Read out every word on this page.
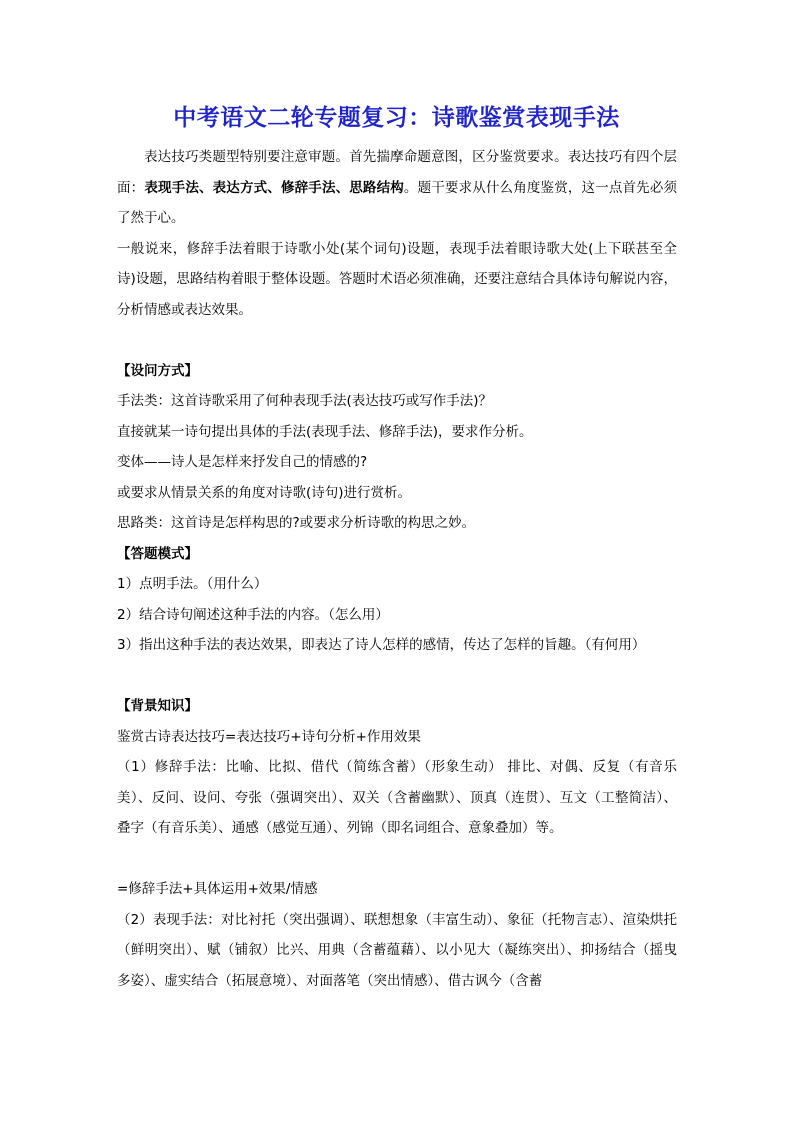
中考语文二轮专题复习：诗歌鉴赏表现手法

表达技巧类题型特别要注意审题。首先揣摩命题意图，区分鉴赏要求。表达技巧有四个层面：表现手法、表达方式、修辞手法、思路结构。题干要求从什么角度鉴赏，这一点首先必须了然于心。

一般说来，修辞手法着眼于诗歌小处(某个词句)设题，表现手法着眼诗歌大处(上下联甚至全诗)设题，思路结构着眼于整体设题。答题时术语必须准确，还要注意结合具体诗句解说内容，分析情感或表达效果。

【设问方式】

手法类：这首诗歌采用了何种表现手法(表达技巧或写作手法)？

直接就某一诗句提出具体的手法(表现手法、修辞手法)，要求作分析。

变体——诗人是怎样来抒发自己的情感的?

或要求从情景关系的角度对诗歌(诗句)进行赏析。

思路类：这首诗是怎样构思的?或要求分析诗歌的构思之妙。

【答题模式】

1）点明手法。（用什么）

2）结合诗句阐述这种手法的内容。（怎么用）

3）指出这种手法的表达效果，即表达了诗人怎样的感情，传达了怎样的旨趣。（有何用）

【背景知识】

鉴赏古诗表达技巧=表达技巧+诗句分析+作用效果

（1）修辞手法：比喻、比拟、借代（简练含蓄）（形象生动） 排比、对偶、反复（有音乐美）、反问、设问、夸张（强调突出）、双关（含蓄幽默）、顶真（连贯）、互文（工整简洁）、叠字（有音乐美）、通感（感觉互通）、列锦（即名词组合、意象叠加）等。

=修辞手法+具体运用+效果/情感

（2）表现手法：对比衬托（突出强调）、联想想象（丰富生动）、象征（托物言志）、渲染烘托（鲜明突出）、赋（铺叙）比兴、用典（含蓄蕴藉）、以小见大（凝练突出）、抑扬结合（摇曳多姿）、虚实结合（拓展意境）、对面落笔（突出情感）、借古讽今（含蓄
